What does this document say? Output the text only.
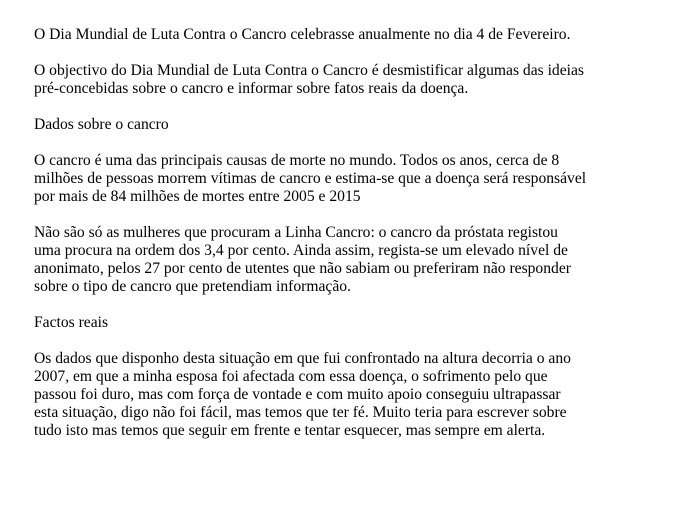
O Dia Mundial de Luta Contra o Cancro celebrasse anualmente no dia 4 de Fevereiro.

O objectivo do Dia Mundial de Luta Contra o Cancro é desmistificar algumas das ideias
pré-concebidas sobre o cancro e informar sobre fatos reais da doença.

Dados sobre o cancro

O cancro é uma das principais causas de morte no mundo. Todos os anos, cerca de 8
milhões de pessoas morrem vítimas de cancro e estima-se que a doença será responsável
por mais de 84 milhões de mortes entre 2005 e 2015

Não são só as mulheres que procuram a Linha Cancro: o cancro da próstata registou
uma procura na ordem dos 3,4 por cento. Ainda assim, regista-se um elevado nível de
anonimato, pelos 27 por cento de utentes que não sabiam ou preferiram não responder
sobre o tipo de cancro que pretendiam informação.

Factos reais

Os dados que disponho desta situação em que fui confrontado na altura decorria o ano
2007, em que a minha esposa foi afectada com essa doença, o sofrimento pelo que
passou foi duro, mas com força de vontade e com muito apoio conseguiu ultrapassar
esta situação, digo não foi fácil, mas temos que ter fé. Muito teria para escrever sobre
tudo isto mas temos que seguir em frente e tentar esquecer, mas sempre em alerta.
